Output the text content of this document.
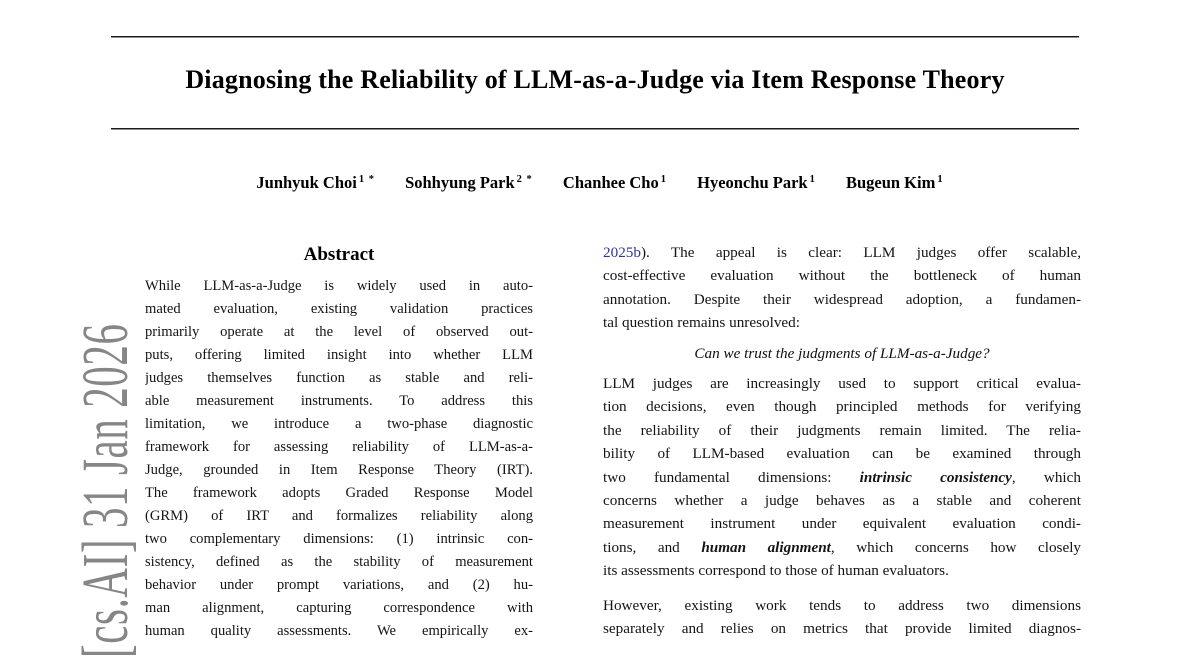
[cs.AI] 31 Jan 2026
Diagnosing the Reliability of LLM-as-a-Judge via Item Response Theory
Junhyuk Choi $^{1 *}$ Sohhyung Park $^{2 *}$ Chanhee Cho $^1$ Hyeonchu Park $^1$ Bugeun Kim $^1$
Abstract
While LLM-as-a-Judge is widely used in auto-
mated evaluation, existing validation practices
primarily operate at the level of observed out-
puts, offering limited insight into whether LLM
judges themselves function as stable and reli-
able measurement instruments. To address this
limitation, we introduce a two-phase diagnostic
framework for assessing reliability of LLM-as-a-
Judge, grounded in Item Response Theory (IRT).
The framework adopts Graded Response Model
(GRM) of IRT and formalizes reliability along
two complementary dimensions: (1) intrinsic con-
sistency, defined as the stability of measurement
behavior under prompt variations, and (2) hu-
man alignment, capturing correspondence with
human quality assessments. We empirically ex-
2025b). The appeal is clear: LLM judges offer scalable,
cost-effective evaluation without the bottleneck of human
annotation. Despite their widespread adoption, a fundamen-
tal question remains unresolved:
Can we trust the judgments of LLM-as-a-Judge?
LLM judges are increasingly used to support critical evalua-
tion decisions, even though principled methods for verifying
the reliability of their judgments remain limited. The relia-
bility of LLM-based evaluation can be examined through
two fundamental dimensions: intrinsic consistency, which
concerns whether a judge behaves as a stable and coherent
measurement instrument under equivalent evaluation condi-
tions, and human alignment, which concerns how closely
its assessments correspond to those of human evaluators.
However, existing work tends to address two dimensions
separately and relies on metrics that provide limited diagnos-
